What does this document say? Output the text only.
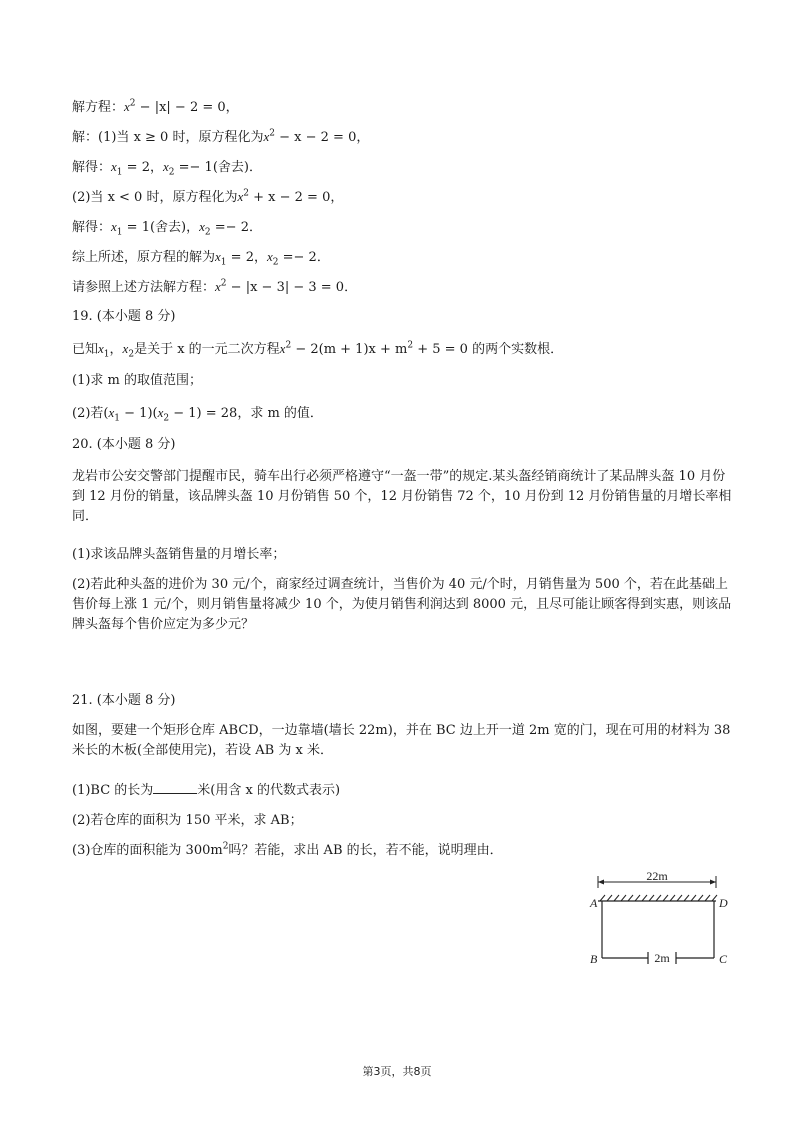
解方程：$x^2 - |x| - 2 = 0$，
解：(1)当 x ≥ 0 时，原方程化为$x^2 - x - 2 = 0$，
解得：$x_1 = 2$，$x_2 =- 1$(舍去)．
(2)当 x < 0 时，原方程化为$x^2 + x - 2 = 0$，
解得：$x_1 = 1$(舍去)，$x_2 =- 2$．
综上所述，原方程的解为$x_1 = 2$，$x_2 =- 2$．
请参照上述方法解方程：$x^2 - |x - 3| - 3 = 0$．
19. (本小题 8 分)
已知$x_1$，$x_2$是关于 x 的一元二次方程$x^2 - 2(m + 1)x + m^2 + 5 = 0$ 的两个实数根．
(1)求 m 的取值范围；
(2)若$(x_1 - 1)(x_2 - 1) = 28$，求 m 的值．
20. (本小题 8 分)
龙岩市公安交警部门提醒市民，骑车出行必须严格遵守“一盔一带”的规定.某头盔经销商统计了某品牌头盔 10 月份到 12 月份的销量，该品牌头盔 10 月份销售 50 个，12 月份销售 72 个，10 月份到 12 月份销售量的月增长率相同．
(1)求该品牌头盔销售量的月增长率；
(2)若此种头盔的进价为 30 元/个，商家经过调查统计，当售价为 40 元/个时，月销售量为 500 个，若在此基础上售价每上涨 1 元/个，则月销售量将减少 10 个，为使月销售利润达到 8000 元，且尽可能让顾客得到实惠，则该品牌头盔每个售价应定为多少元？
21. (本小题 8 分)
如图，要建一个矩形仓库 ABCD，一边靠墙(墙长 22m)，并在 BC 边上开一道 2m 宽的门，现在可用的材料为 38 米长的木板(全部使用完)，若设 AB 为 x 米．
(1)BC 的长为	米(用含 x 的代数式表示)
(2)若仓库的面积为 150 平米，求 AB；
(3)仓库的面积能为 $300m^2$吗？若能，求出 AB 的长，若不能，说明理由．
22m
2m
A	D
B	C
第3页，共8页
